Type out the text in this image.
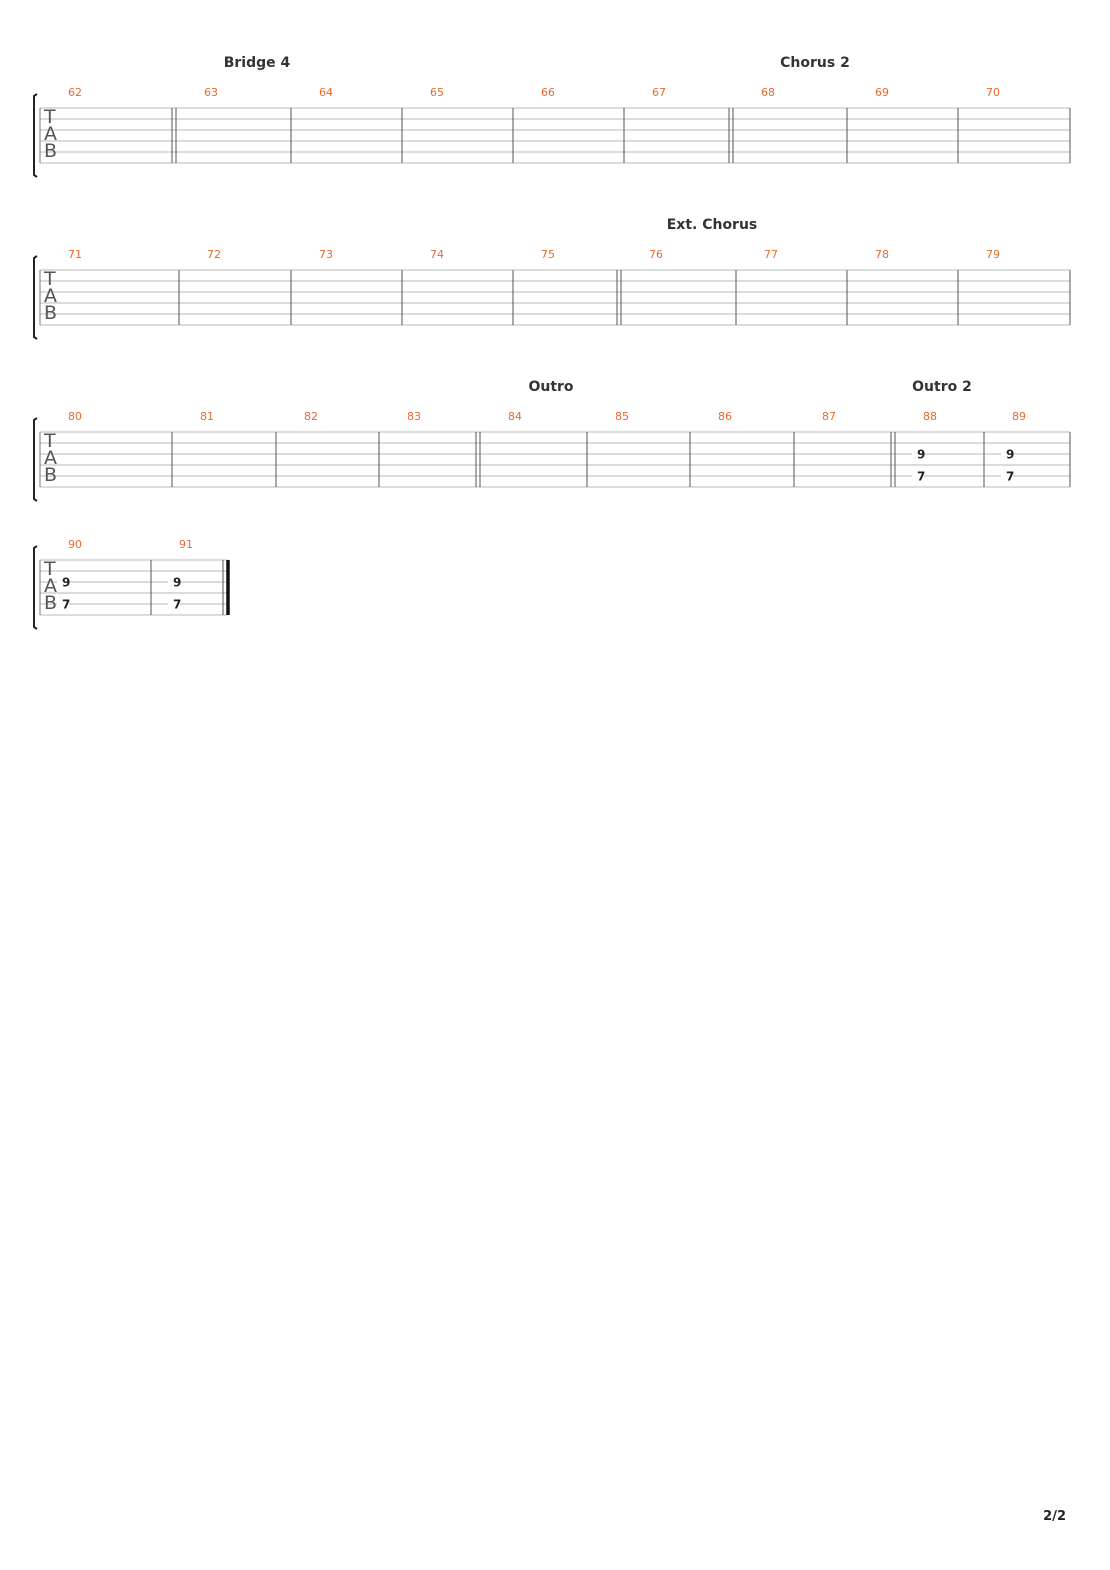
T
A
B
62	63	64	65	66	67	68	69	70
Bridge 4	Chorus 2
T
A
B
71	72	73	74	75	76	77	78	79
Ext. Chorus
T
A
B
80	81	82	83	84	85	86	87	88
9
7
89
9
7
Outro	Outro 2
T
A
B
90
9
7
91
9
7
2/2
